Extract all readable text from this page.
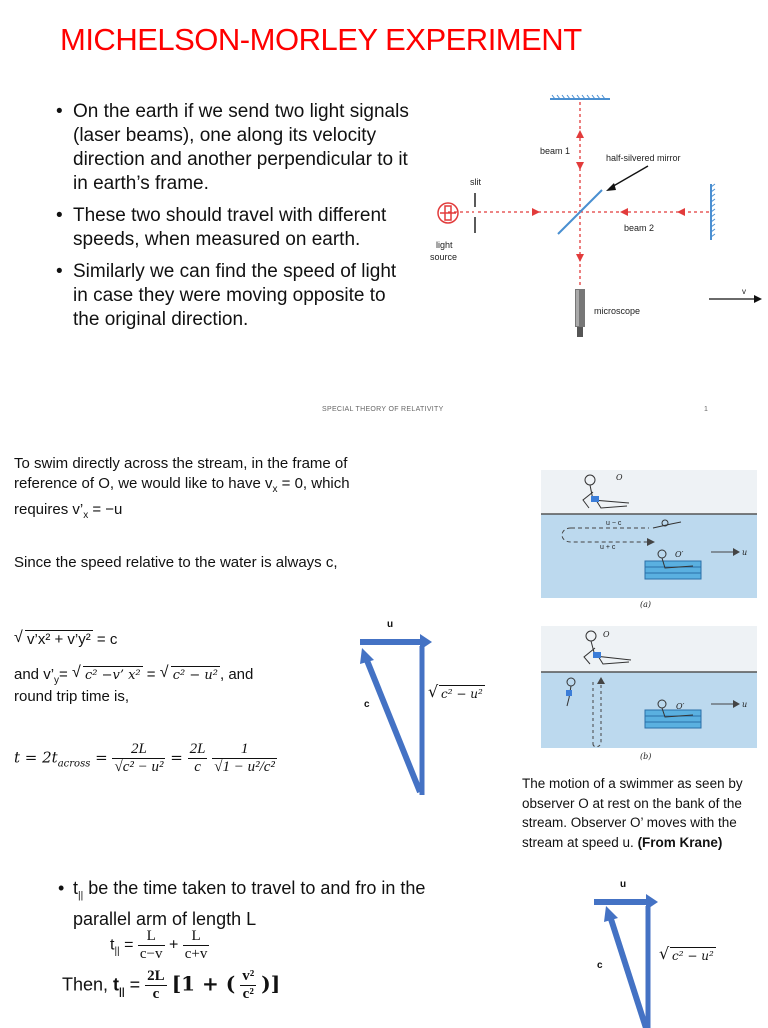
MICHELSON-MORLEY EXPERIMENT
• On the earth if we send two light signals (laser beams), one along its velocity direction and another perpendicular to it in earth’s frame.
• These two should travel with different speeds, when measured on earth.
• Similarly we can find the speed of light in case they were moving opposite to the original direction.
beam 1
half-silvered mirror
slit
beam 2
light
source
microscope
v
SPECIAL THEORY OF RELATIVITY	1

To swim directly across the stream, in the frame of reference of O, we would like to have $v_x = 0$, which requires $v’_x = -u$

Since the speed relative to the water is always c,

√ v’x² + v’y² = c
and $v’_y=$ √ c² −v’ x² = √ c² − u² , and

round trip time is,

$t = 2t_{across} = \frac{2L}{\text{√c² − u²}} = \frac{2L}{c}$
$\frac{1}{\text{√1 − u²/c²}}$
u
c
√ c² − u²
O
u − c
u + c
O′	u
(a)
O
O′	u
(b)

The motion of a swimmer as seen by observer O at rest on the bank of the stream. Observer O’ moves with the stream at speed u. (From Krane)

• $t_{||}$ be the time taken to travel to and fro in the parallel arm of length L
$t_{||} = \frac{L}{c-v} + \frac{L}{c+v}$
Then, $t_{||} = \frac{2L}{c} [1$ + ( $\frac{\text{v²}}{\text{c²}}$ )]
u
c
√ c² − u²
